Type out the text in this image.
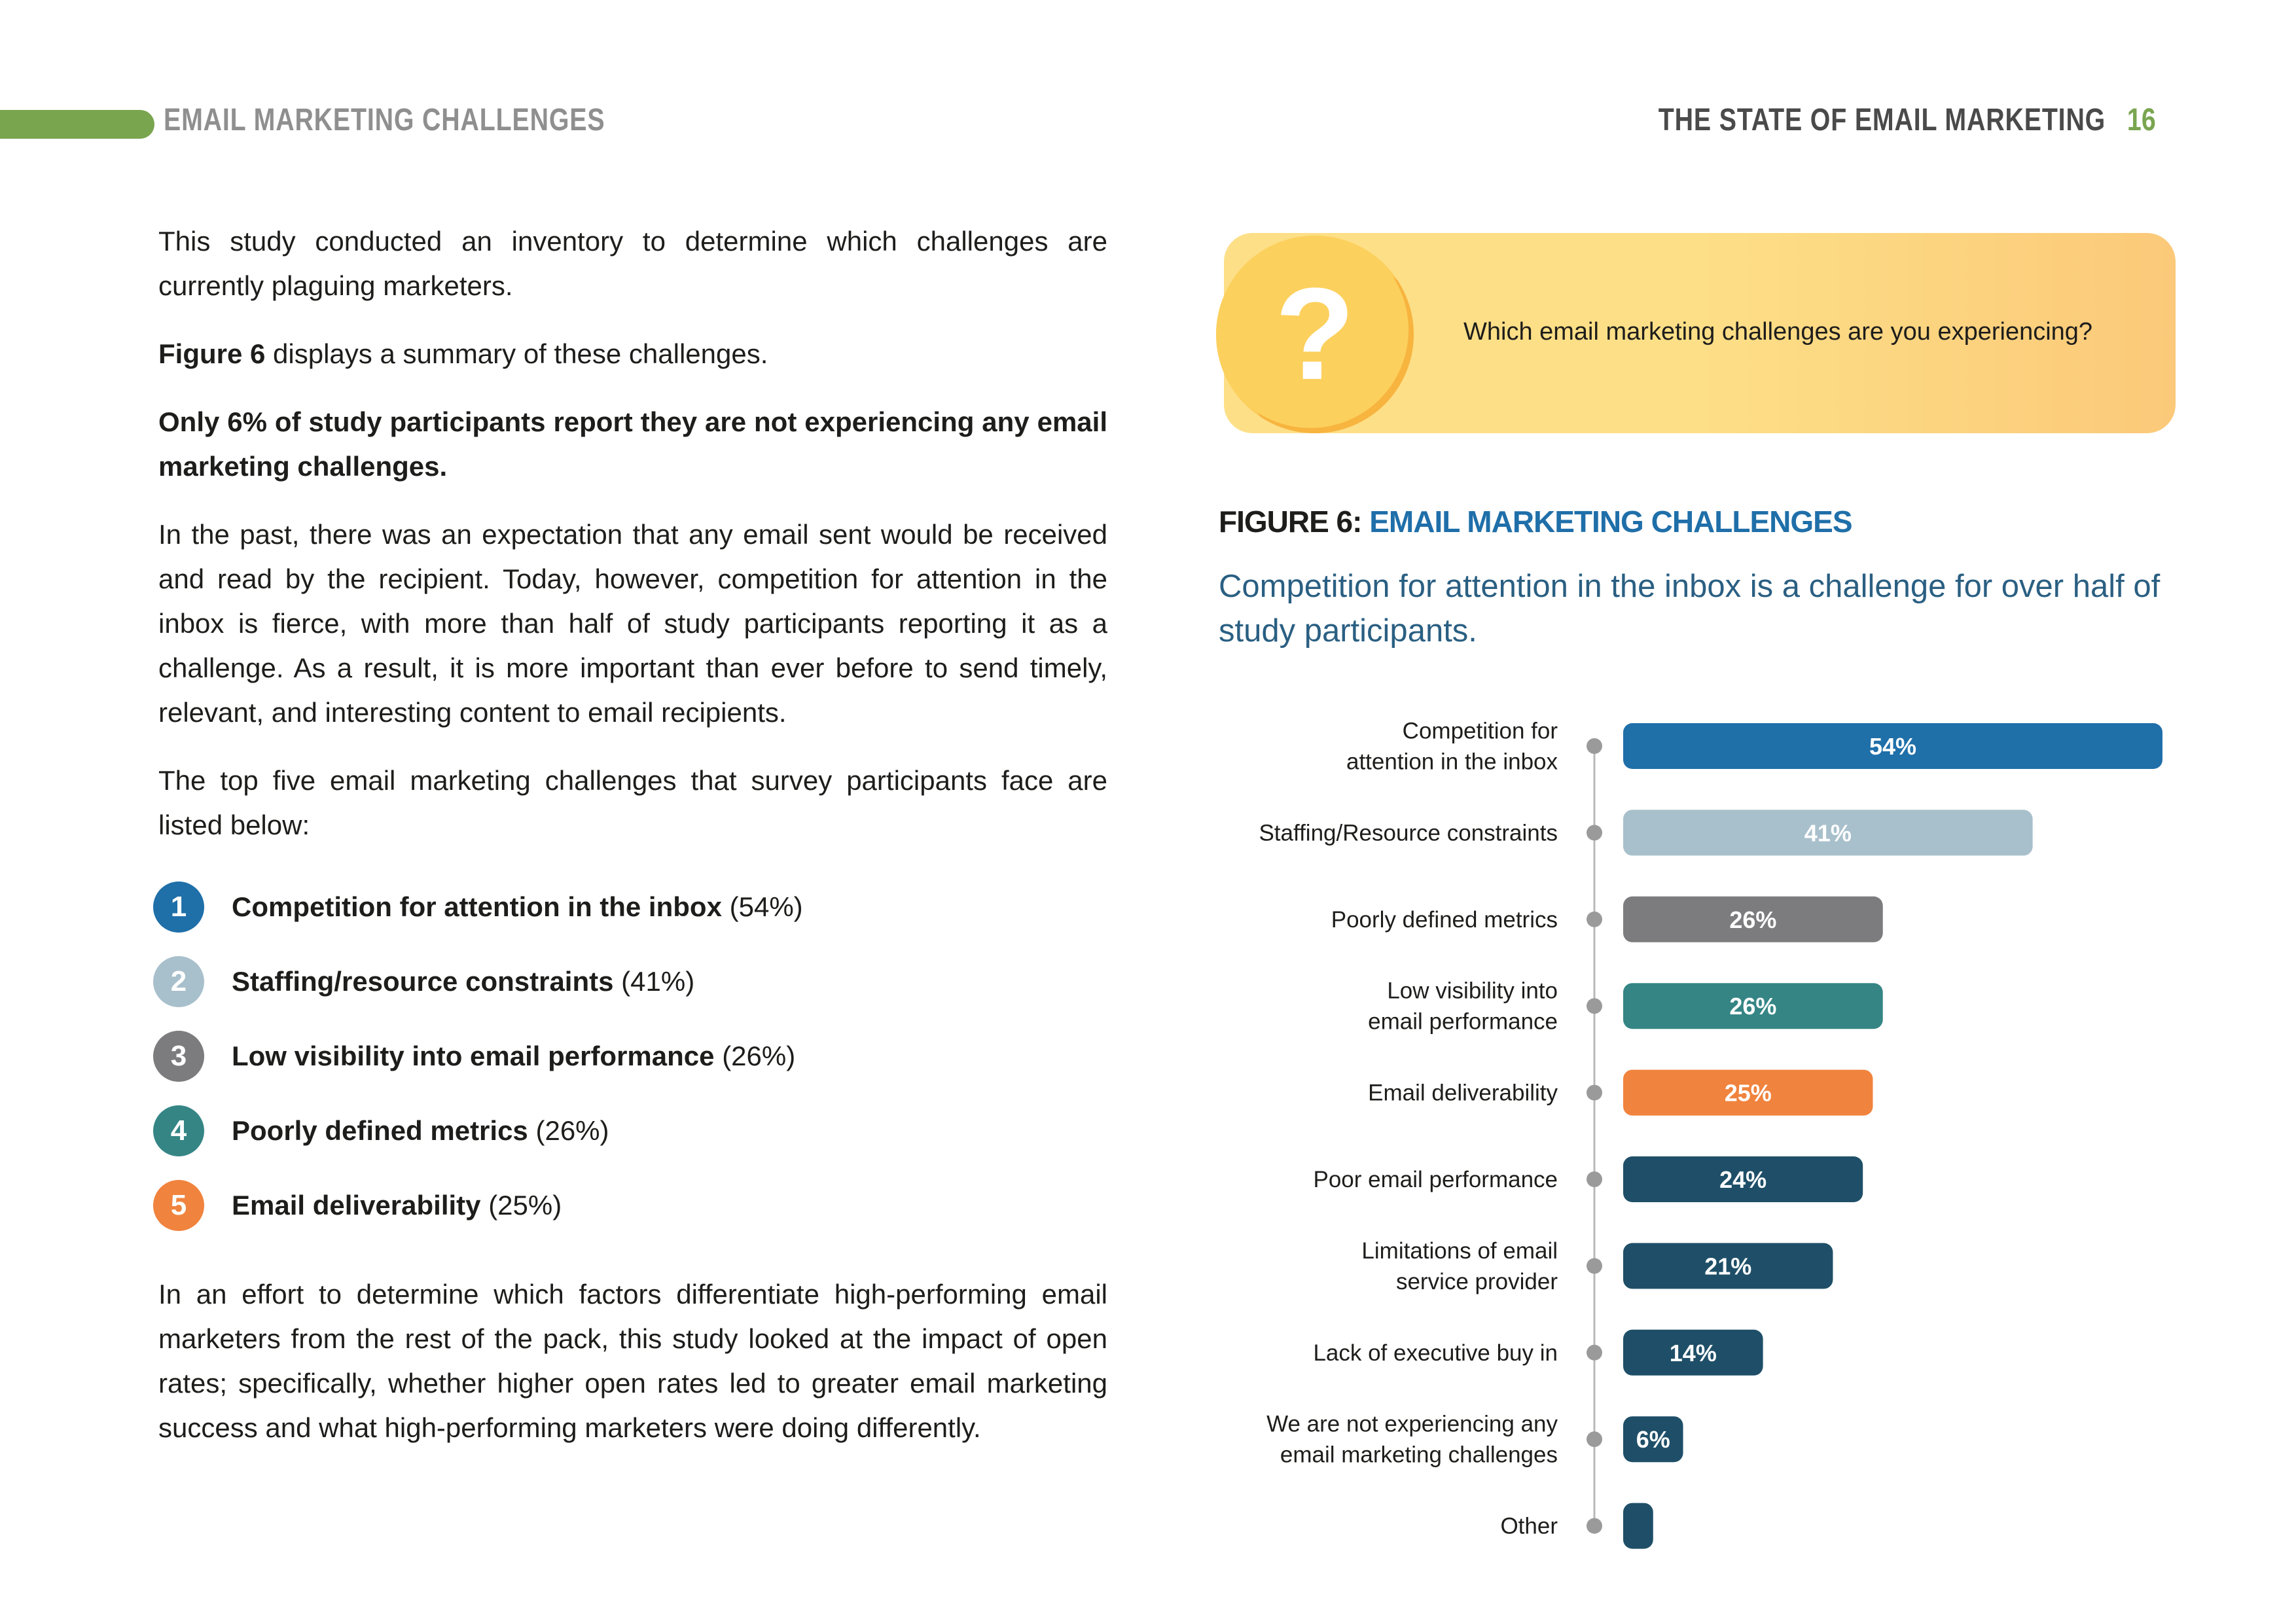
EMAIL MARKETING CHALLENGES	THE STATE OF EMAIL MARKETING 16

This study conducted an inventory to determine which challenges are currently plaguing marketers.

Figure 6 displays a summary of these challenges.

Only 6% of study participants report they are not experiencing any email marketing challenges.

In the past, there was an expectation that any email sent would be received and read by the recipient. Today, however, competition for attention in the inbox is fierce, with more than half of study participants reporting it as a challenge. As a result, it is more important than ever before to send timely, relevant, and interesting content to email recipients.

The top five email marketing challenges that survey participants face are listed below:

1	Competition for attention in the inbox (54%)
2	Staffing/resource constraints (41%)
3	Low visibility into email performance (26%)
4	Poorly defined metrics (26%)
5	Email deliverability (25%)

In an effort to determine which factors differentiate high-performing email marketers from the rest of the pack, this study looked at the impact of open rates; specifically, whether higher open rates led to greater email marketing success and what high-performing marketers were doing differently.

?	Which email marketing challenges are you experiencing?
FIGURE 6: EMAIL MARKETING CHALLENGES
Competition for attention in the inbox is a challenge for over half of study participants.
Competition for attention in the inbox
54%
Staffing/Resource constraints	41%
Poorly defined metrics	26%
Low visibility into email performance
26%
Email deliverability	25%
Poor email performance	24%
Limitations of email service provider
21%
Lack of executive buy in	14%
We are not experiencing any email marketing challenges
6%
Other	3%
